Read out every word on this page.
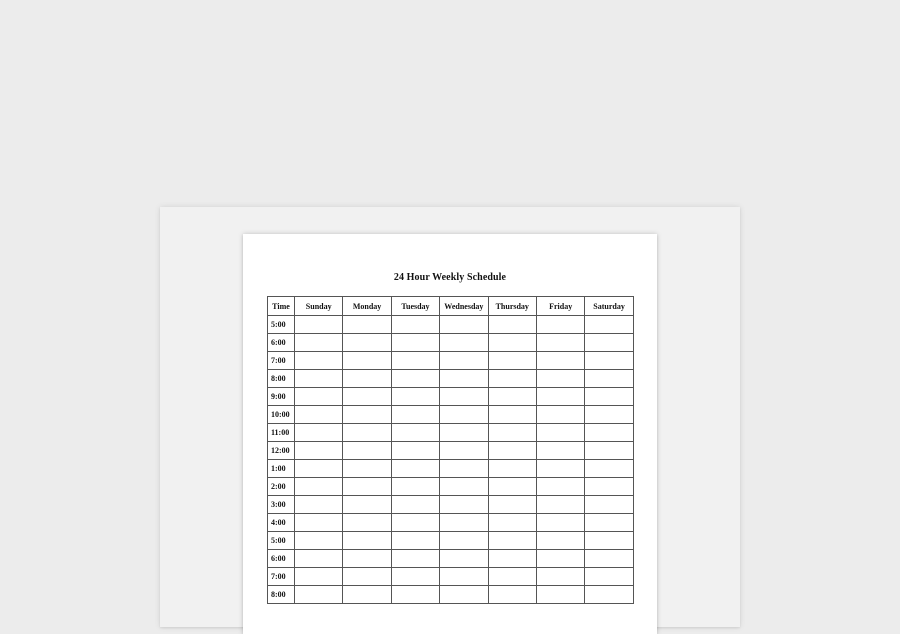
24 Hour Weekly Schedule
Time	Sunday	Monday	Tuesday	Wednesday	Thursday	Friday	Saturday
5:00							
6:00							
7:00							
8:00							
9:00							
10:00							
11:00							
12:00							
1:00							
2:00							
3:00							
4:00							
5:00							
6:00							
7:00							
8:00							
